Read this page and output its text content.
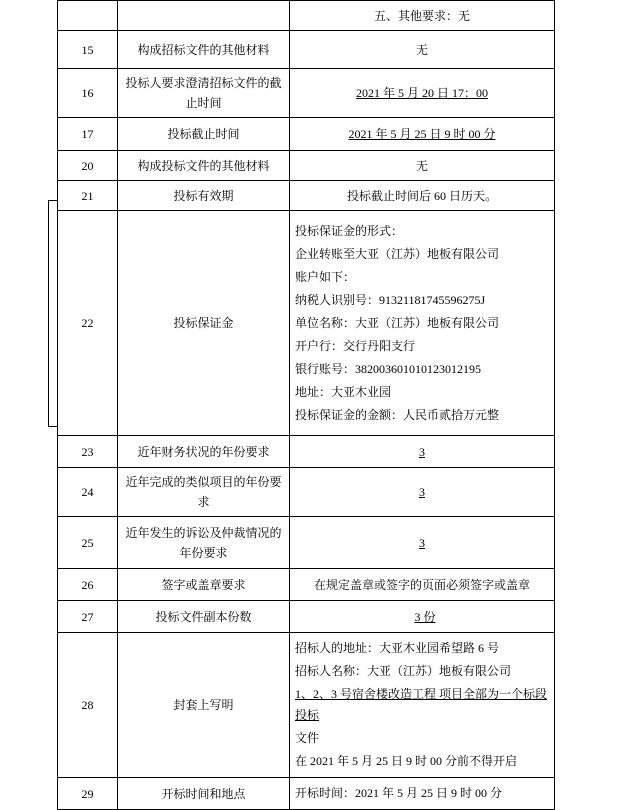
		五、其他要求：无
15	构成招标文件的其他材料	无
16	投标人要求澄清招标文件的截止时间	2021 年 5 月 20 日 17：00
17	投标截止时间	2021 年 5 月 25 日 9 时 00 分
20	构成投标文件的其他材料	无
21	投标有效期	投标截止时间后 60 日历天。
22	投标保证金	

投标保证金的形式：

企业转账至大亚（江苏）地板有限公司

账户如下：

纳税人识别号：91321181745596275J

单位名称：大亚（江苏）地板有限公司

开户行：交行丹阳支行

银行账号：382003601010123012195

地址：大亚木业园

投标保证金的金额：人民币贰拾万元整

23	近年财务状况的年份要求	3
24	近年完成的类似项目的年份要求	3
25	近年发生的诉讼及仲裁情况的年份要求	3
26	签字或盖章要求	在规定盖章或签字的页面必须签字或盖章
27	投标文件副本份数	3 份
28	封套上写明	招标人的地址：大亚木业园希望路 6 号

招标人名称：大亚（江苏）地板有限公司

1、2、3 号宿舍楼改造工程 项目全部为一个标段投标

文件

在 2021 年 5 月 25 日 9 时 00 分前不得开启

29	开标时间和地点	开标时间：2021 年 5 月 25 日 9 时 00 分
